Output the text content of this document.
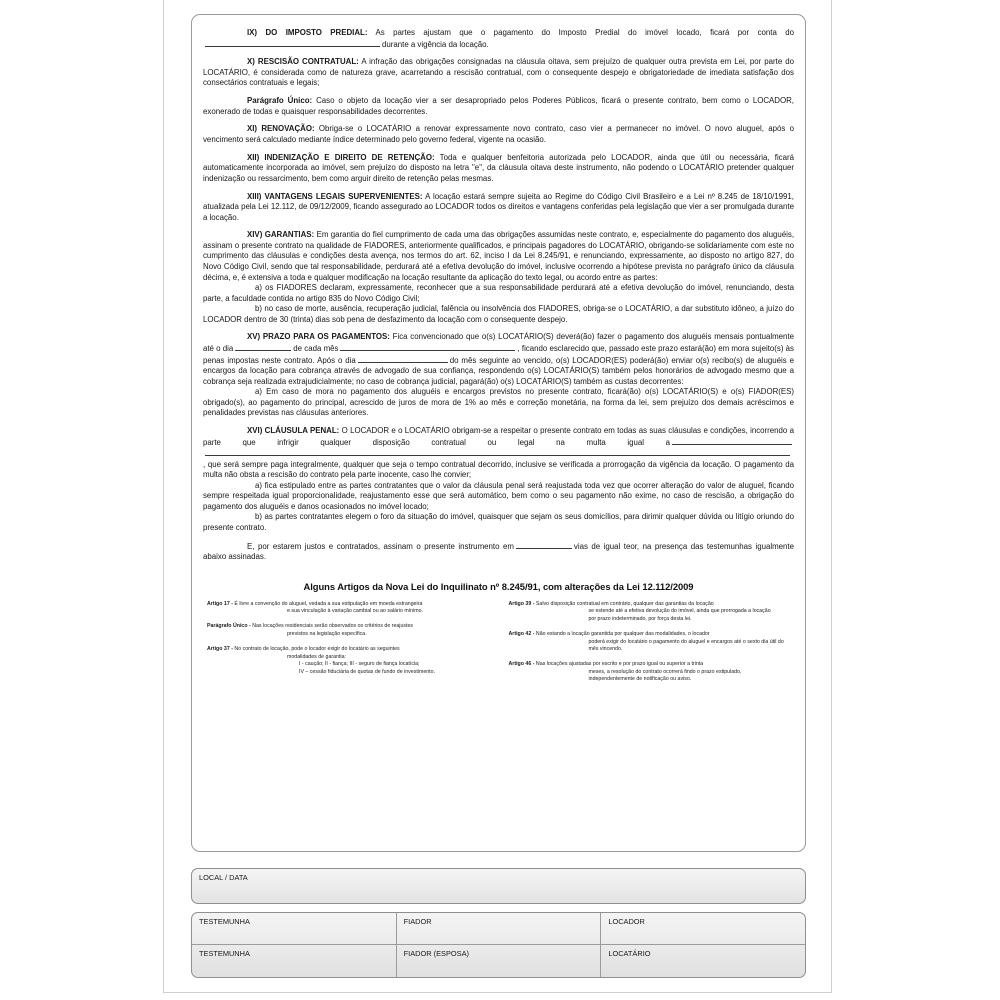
IX) DO IMPOSTO PREDIAL: As partes ajustam que o pagamento do Imposto Predial do imóvel locado, ficará por conta dodurante a vigência da locação.

X) RESCISÃO CONTRATUAL: A infração das obrigações consignadas na cláusula oitava, sem prejuízo de qualquer outra prevista em Lei, por parte do LOCATÁRIO, é considerada como de natureza grave, acarretando a rescisão contratual, com o consequente despejo e obrigatoriedade de imediata satisfação dos consectários contratuais e legais;

Parágrafo Único: Caso o objeto da locação vier a ser desapropriado pelos Poderes Públicos, ficará o presente contrato, bem como o LOCADOR, exonerado de todas e quaisquer responsabilidades decorrentes.

XI) RENOVAÇÃO: Obriga-se o LOCATÁRIO a renovar expressamente novo contrato, caso vier a permanecer no imóvel. O novo aluguel, após o vencimento será calculado mediante índice determinado pelo governo federal, vigente na ocasião.

XII) INDENIZAÇÃO E DIREITO DE RETENÇÃO: Toda e qualquer benfeitoria autorizada pelo LOCADOR, ainda que útil ou necessária, ficará automaticamente incorporada ao imóvel, sem prejuízo do disposto na letra "e", da cláusula oitava deste instrumento, não podendo o LOCATÁRIO pretender qualquer indenização ou ressarcimento, bem como arguir direito de retenção pelas mesmas.

XIII) VANTAGENS LEGAIS SUPERVENIENTES: A locação estará sempre sujeita ao Regime do Código Civil Brasileiro e a Lei nº 8.245 de 18/10/1991, atualizada pela Lei 12.112, de 09/12/2009, ficando assegurado ao LOCADOR todos os direitos e vantagens conferidas pela legislação que vier a ser promulgada durante a locação.

XIV) GARANTIAS: Em garantia do fiel cumprimento de cada uma das obrigações assumidas neste contrato, e, especialmente do pagamento dos aluguéis, assinam o presente contrato na qualidade de FIADORES, anteriormente qualificados, e principais pagadores do LOCATÁRIO, obrigando-se solidariamente com este no cumprimento das cláusulas e condições desta avença, nos termos do art. 62, inciso I da Lei 8.245/91, e renunciando, expressamente, ao disposto no artigo 827, do Novo Código Civil, sendo que tal responsabilidade, perdurará até a efetiva devolução do imóvel, inclusive ocorrendo a hipótese prevista no parágrafo único da cláusula décima, e, é extensiva a toda e qualquer modificação na locação resultante da aplicação do texto legal, ou acordo entre as partes:

a) os FIADORES declaram, expressamente, reconhecer que a sua responsabilidade perdurará até a efetiva devolução do imóvel, renunciando, desta parte, a faculdade contida no artigo 835 do Novo Código Civil;

b) no caso de morte, ausência, recuperação judicial, falência ou insolvência dos FIADORES, obriga-se o LOCATÁRIO, a dar substituto idôneo, a juízo do LOCADOR dentro de 30 (trinta) dias sob pena de desfazimento da locação com o consequente despejo.

XV) PRAZO PARA OS PAGAMENTOS: Fica convencionado que o(s) LOCATÁRIO(S) deverá(ão) fazer o pagamento dos aluguéis mensais pontualmente até o dia	de cada mês	, ficando esclarecido que, passado este prazo estará(ão) em mora sujeito(s) às penas impostas neste contrato. Após o dia	do mês seguinte ao vencido, o(s) LOCADOR(ES) poderá(ão) enviar o(s) recibo(s) de aluguéis e encargos da locação para cobrança através de advogado de sua confiança, respondendo o(s) LOCATÁRIO(S) também pelos honorários de advogado mesmo que a cobrança seja realizada extrajudicialmente; no caso de cobrança judicial, pagará(ão) o(s) LOCATÁRIO(S) também as custas decorrentes:

a) Em caso de mora no pagamento dos aluguéis e encargos previstos no presente contrato, ficará(ão) o(s) LOCATÁRIO(S) e o(s) FIADOR(ES) obrigado(s), ao pagamento do principal, acrescido de juros de mora de 1% ao mês e correção monetária, na forma da lei, sem prejuízo dos demais acréscimos e penalidades previstas nas cláusulas anteriores.

XVI) CLÁUSULA PENAL: O LOCADOR e o LOCATÁRIO obrigam-se a respeitar o presente contrato em todas as suas cláusulas e condições, incorrendo a parte que infrigir qualquer disposição contratual ou legal na multa igual a, que será sempre paga integralmente, qualquer que seja o tempo contratual decorrido, inclusive se verificada a prorrogação da vigência da locação. O pagamento da multa não obsta a rescisão do contrato pela parte inocente, caso lhe convier;

a) fica estipulado entre as partes contratantes que o valor da cláusula penal será reajustada toda vez que ocorrer alteração do valor de aluguel, ficando sempre respeitada igual proporcionalidade, reajustamento esse que será automático, bem como o seu pagamento não exime, no caso de rescisão, a obrigação do pagamento dos aluguéis e danos ocasionados no imóvel locado;

b) as partes contratantes elegem o foro da situação do imóvel, quaisquer que sejam os seus domicílios, para dirimir qualquer dúvida ou litígio oriundo do presente contrato.

E, por estarem justos e contratados, assinam o presente instrumento em	vias de igual teor, na presença das testemunhas igualmente abaixo assinadas.

Alguns Artigos da Nova Lei do Inquilinato nº 8.245/91, com alterações da Lei 12.112/2009

Artigo 17 - É livre a convenção do aluguel, vedada a sua estipulação em moeda estrangeira
e sua vinculação à variação cambial ou ao salário mínimo.

Parágrafo Único - Nas locações residenciais serão observados os critérios de reajustes
previstos na legislação específica.

Artigo 37 - No contrato de locação, pode o locador exigir do locatário as seguintes
modalidades de garantia:
I - caução; II - fiança; III - seguro de fiança locatícia;
IV – cessão fiduciária de quotas de fundo de investimento.

Artigo 39 - Salvo disposição contratual em contrário, qualquer das garantias da locação
se estende até a efetiva devolução do imóvel, ainda que prorrogada a locação
por prazo indeterminado, por força desta lei.

Artigo 42 - Não estando a locação garantida por qualquer das modalidades, o locador
poderá exigir do locatário o pagamento do aluguel e encargos até o sexto dia útil do
mês vincendo.

Artigo 46 - Nas locações ajustadas por escrito e por prazo igual ou superior a trinta
meses, a resolução do contrato ocorrerá findo o prazo estipulado,
independentemente de notificação ou aviso.

LOCAL / DATA
TESTEMUNHA	FIADOR	LOCADOR
TESTEMUNHA	FIADOR (ESPOSA)	LOCATÁRIO
